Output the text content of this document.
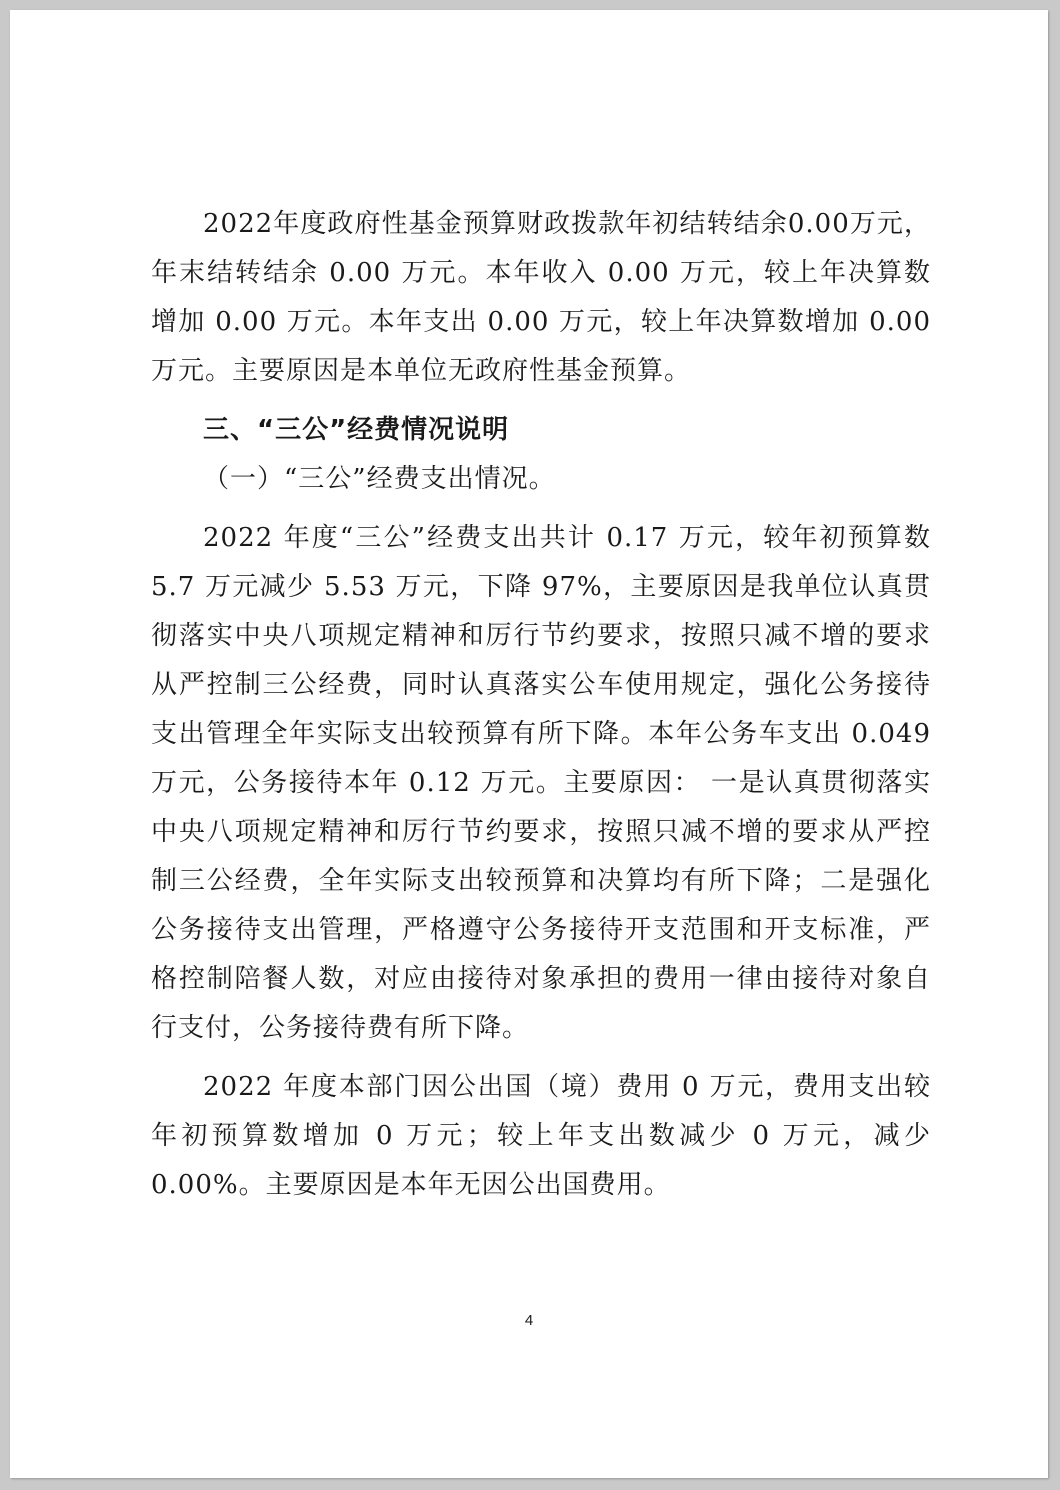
2022年度政府性基金预算财政拨款年初结转结余0.00万元，年末结转结余 0.00 万元。本年收入 0.00 万元，较上年决算数增加 0.00 万元。本年支出 0.00 万元，较上年决算数增加 0.00 万元。主要原因是本单位无政府性基金预算。

三、“三公”经费情况说明

（一）“三公”经费支出情况。

2022 年度“三公”经费支出共计 0.17 万元，较年初预算数 5.7 万元减少 5.53 万元，下降 97%，主要原因是我单位认真贯彻落实中央八项规定精神和厉行节约要求，按照只减不增的要求从严控制三公经费，同时认真落实公车使用规定，强化公务接待支出管理全年实际支出较预算有所下降。本年公务车支出 0.049 万元，公务接待本年 0.12 万元。主要原因： 一是认真贯彻落实中央八项规定精神和厉行节约要求，按照只减不增的要求从严控制三公经费，全年实际支出较预算和决算均有所下降；二是强化公务接待支出管理，严格遵守公务接待开支范围和开支标准，严格控制陪餐人数，对应由接待对象承担的费用一律由接待对象自行支付，公务接待费有所下降。

2022 年度本部门因公出国（境）费用 0 万元，费用支出较年初预算数增加 0 万元；较上年支出数减少 0 万元，减少 0.00%。主要原因是本年无因公出国费用。

4
